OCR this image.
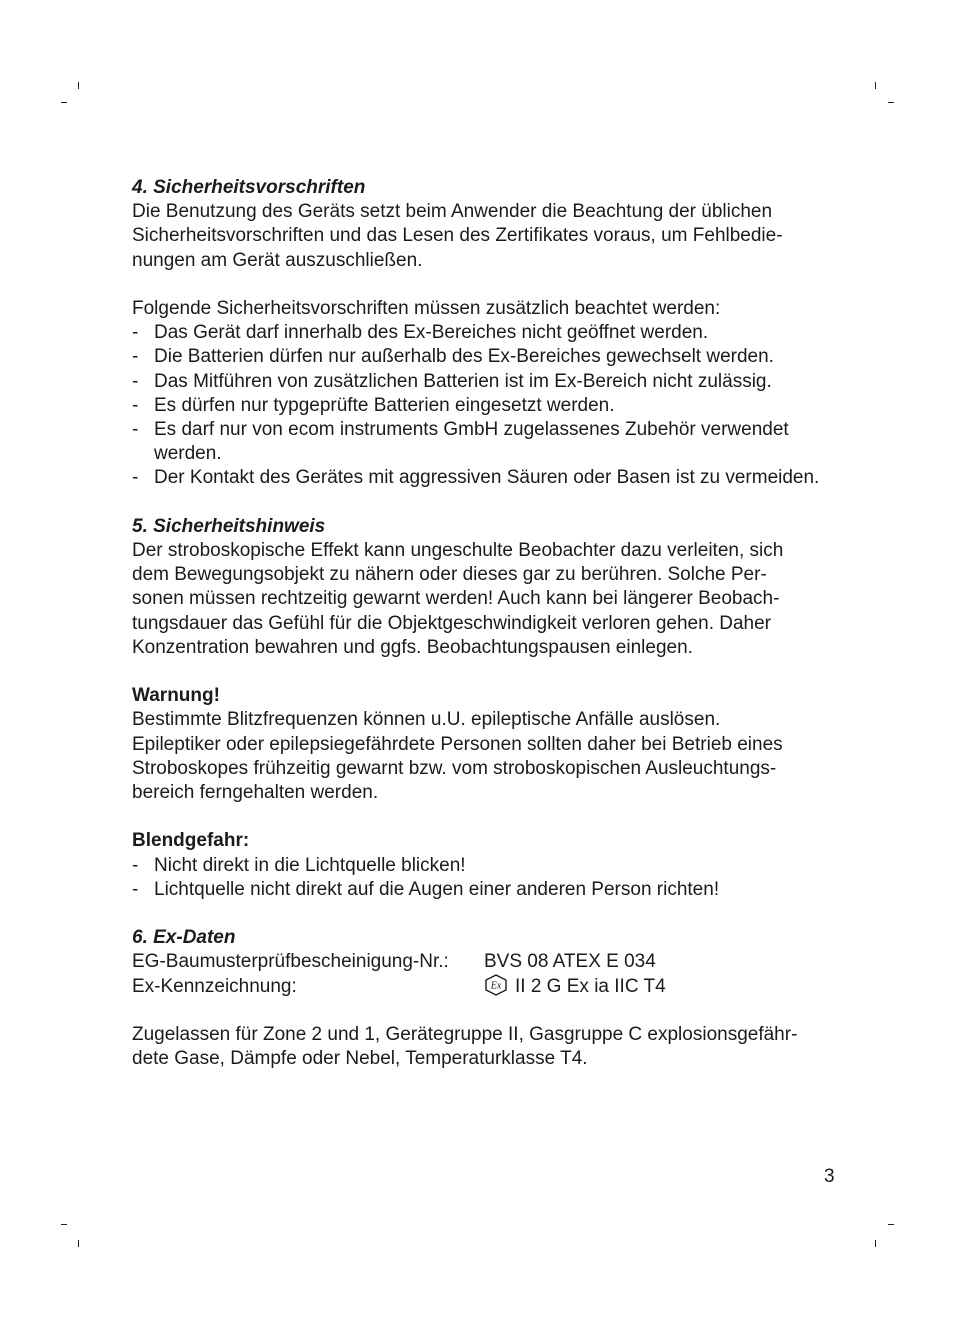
4. Sicherheitsvorschriften

Die Benutzung des Geräts setzt beim Anwender die Beachtung der üblichen

Sicherheitsvorschriften und das Lesen des Zertifikates voraus, um Fehlbedie-

nungen am Gerät auszuschließen.

Folgende Sicherheitsvorschriften müssen zusätzlich beachtet werden:

- Das Gerät darf innerhalb des Ex-Bereiches nicht geöffnet werden.
- Die Batterien dürfen nur außerhalb des Ex-Bereiches gewechselt werden.
- Das Mitführen von zusätzlichen Batterien ist im Ex-Bereich nicht zulässig.
- Es dürfen nur typgeprüfte Batterien eingesetzt werden.
- Es darf nur von ecom instruments GmbH zugelassenes Zubehör verwendet werden.
- Der Kontakt des Gerätes mit aggressiven Säuren oder Basen ist zu vermeiden.

5. Sicherheitshinweis

Der stroboskopische Effekt kann ungeschulte Beobachter dazu verleiten, sich

dem Bewegungsobjekt zu nähern oder dieses gar zu berühren. Solche Per-

sonen müssen rechtzeitig gewarnt werden! Auch kann bei längerer Beobach-

tungsdauer das Gefühl für die Objektgeschwindigkeit verloren gehen. Daher

Konzentration bewahren und ggfs. Beobachtungspausen einlegen.

Warnung!

Bestimmte Blitzfrequenzen können u.U. epileptische Anfälle auslösen.

Epileptiker oder epilepsiegefährdete Personen sollten daher bei Betrieb eines

Stroboskopes frühzeitig gewarnt bzw. vom stroboskopischen Ausleuchtungs-

bereich ferngehalten werden.

Blendgefahr:

- Nicht direkt in die Lichtquelle blicken!
- Lichtquelle nicht direkt auf die Augen einer anderen Person richten!

6. Ex-Daten

EG-Baumusterprüfbescheinigung-Nr.:	BVS 08 ATEX E 034
Ex-Kennzeichnung:	Ex II 2 G Ex ia IIC T4

Zugelassen für Zone 2 und 1, Gerätegruppe II, Gasgruppe C explosionsgefähr-

dete Gase, Dämpfe oder Nebel, Temperaturklasse T4.

3
